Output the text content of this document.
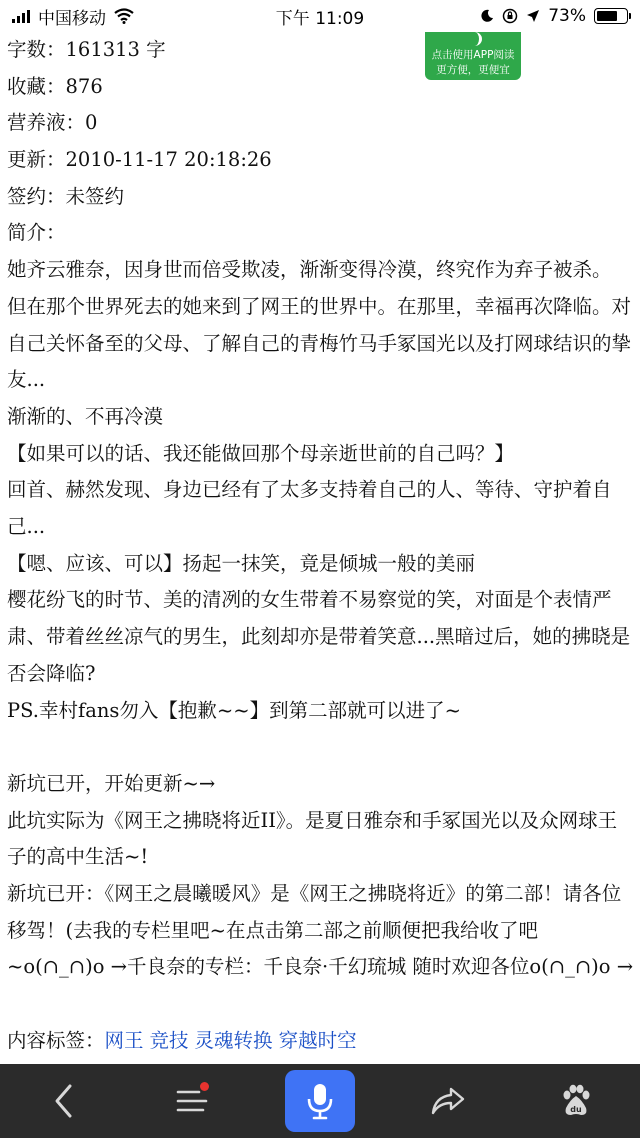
中国移动	下午 11:09	73%
点击使用APP阅读
更方便，更便宜
字数：161313 字
收藏：876
营养液：0
更新：2010-11-17 20:18:26
签约：未签约
简介：
她齐云雅奈，因身世而倍受欺凌，渐渐变得冷漠，终究作为弃子被杀。
但在那个世界死去的她来到了网王的世界中。在那里，幸福再次降临。对自己关怀备至的父母、了解自己的青梅竹马手冢国光以及打网球结识的挚友...
渐渐的、不再冷漠
【如果可以的话、我还能做回那个母亲逝世前的自己吗？】
回首、赫然发现、身边已经有了太多支持着自己的人、等待、守护着自己...
【嗯、应该、可以】扬起一抹笑，竟是倾城一般的美丽
樱花纷飞的时节、美的清冽的女生带着不易察觉的笑，对面是个表情严肃、带着丝丝凉气的男生，此刻却亦是带着笑意...黑暗过后，她的拂晓是否会降临?
PS.幸村fans勿入【抱歉~~】到第二部就可以进了~
新坑已开，开始更新~→
此坑实际为《网王之拂晓将近II》。是夏日雅奈和手冢国光以及众网球王子的高中生活~!
新坑已开：《网王之晨曦暖风》是《网王之拂晓将近》的第二部！请各位移驾！(去我的专栏里吧~在点击第二部之前顺便把我给收了吧
~o(∩_∩)o →千良奈的专栏：千良奈·千幻琉城 随时欢迎各位o(∩_∩)o →
内容标签：网王 竞技 灵魂转换 穿越时空
du
